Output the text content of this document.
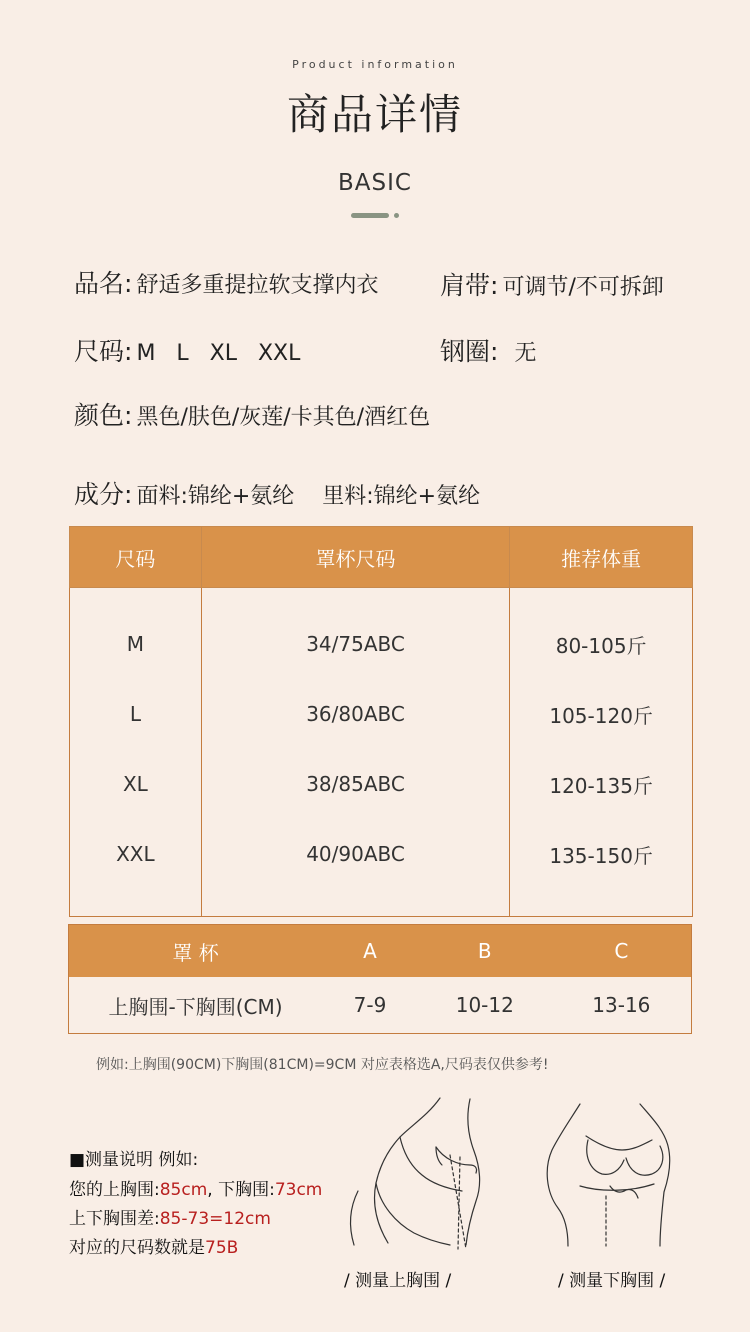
Product information
商品详情
BASIC
品名: 舒适多重提拉软支撑内衣 肩带: 可调节/不可拆卸
尺码: M   L   XL   XXL	钢圈: 无
颜色: 黑色/肤色/灰莲/卡其色/酒红色
成分: 面料:锦纶+氨纶    里料:锦纶+氨纶
尺码	罩杯尺码	推荐体重
M	34/75ABC	80-105斤
L	36/80ABC	105-120斤
XL	38/85ABC	120-135斤
XXL	40/90ABC	135-150斤
罩 杯	A	B	C
上胸围-下胸围(CM)	7-9	10-12	13-16
例如:上胸围(90CM)下胸围(81CM)=9CM 对应表格选A,尺码表仅供参考!
■测量说明 例如:
您的上胸围:85cm, 下胸围:73cm
上下胸围差:85-73=12cm
对应的尺码数就是75B
/ 测量上胸围 /	/ 测量下胸围 /
